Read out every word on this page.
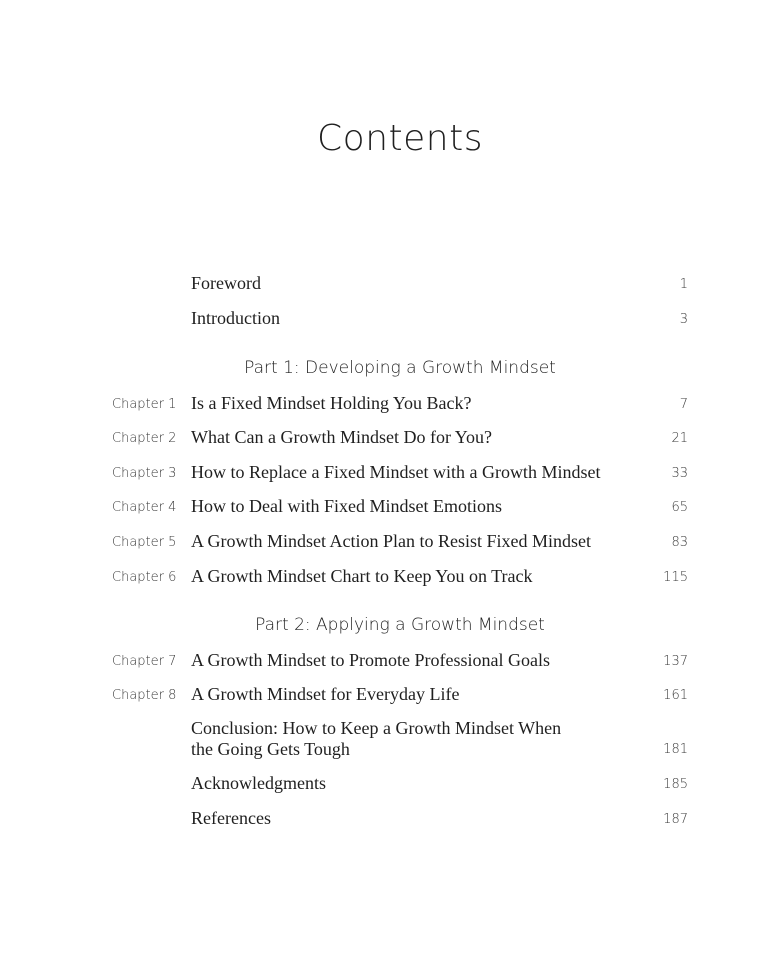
Contents
Foreword	1
Introduction	3
Part 1: Developing a Growth Mindset
Chapter 1 Is a Fixed Mindset Holding You Back?	7
Chapter 2 What Can a Growth Mindset Do for You?	21
Chapter 3 How to Replace a Fixed Mindset with a Growth Mindset	33
Chapter 4 How to Deal with Fixed Mindset Emotions	65
Chapter 5 A Growth Mindset Action Plan to Resist Fixed Mindset	83
Chapter 6 A Growth Mindset Chart to Keep You on Track	115
Part 2: Applying a Growth Mindset
Chapter 7 A Growth Mindset to Promote Professional Goals	137
Chapter 8 A Growth Mindset for Everyday Life	161
Conclusion: How to Keep a Growth Mindset When
the Going Gets Tough	181
Acknowledgments	185
References	187
